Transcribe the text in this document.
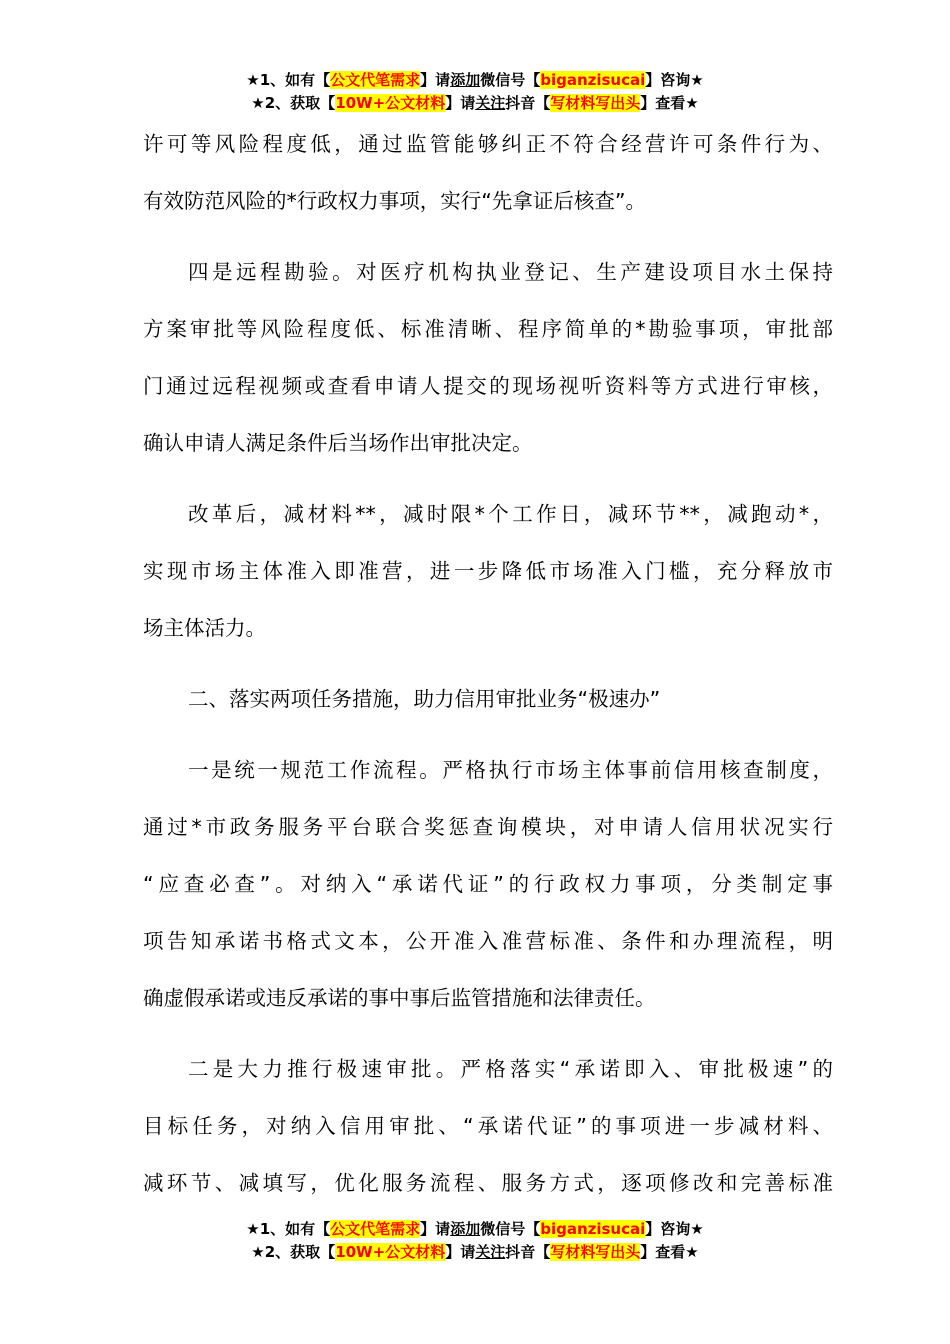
★1、如有【公文代笔需求】请添加微信号【biganzisucai】咨询★
★2、获取【10W+公文材料】请关注抖音【写材料写出头】查看★
许可等风险程度低，通过监管能够纠正不符合经营许可条件行为、
有效防范风险的*行政权力事项，实行“先拿证后核查”。
四是远程勘验。对医疗机构执业登记、生产建设项目水土保持
方案审批等风险程度低、标准清晰、程序简单的*勘验事项，审批部
门通过远程视频或查看申请人提交的现场视听资料等方式进行审核，
确认申请人满足条件后当场作出审批决定。
改革后，减材料**，减时限*个工作日，减环节**，减跑动*，
实现市场主体准入即准营，进一步降低市场准入门槛，充分释放市
场主体活力。
二、落实两项任务措施，助力信用审批业务“极速办”
一是统一规范工作流程。严格执行市场主体事前信用核查制度，
通过*市政务服务平台联合奖惩查询模块，对申请人信用状况实行
“应查必查”。对纳入“承诺代证”的行政权力事项，分类制定事
项告知承诺书格式文本，公开准入准营标准、条件和办理流程，明
确虚假承诺或违反承诺的事中事后监管措施和法律责任。
二是大力推行极速审批。严格落实“承诺即入、审批极速”的
目标任务，对纳入信用审批、“承诺代证”的事项进一步减材料、
减环节、减填写，优化服务流程、服务方式，逐项修改和完善标准
★1、如有【公文代笔需求】请添加微信号【biganzisucai】咨询★
★2、获取【10W+公文材料】请关注抖音【写材料写出头】查看★
